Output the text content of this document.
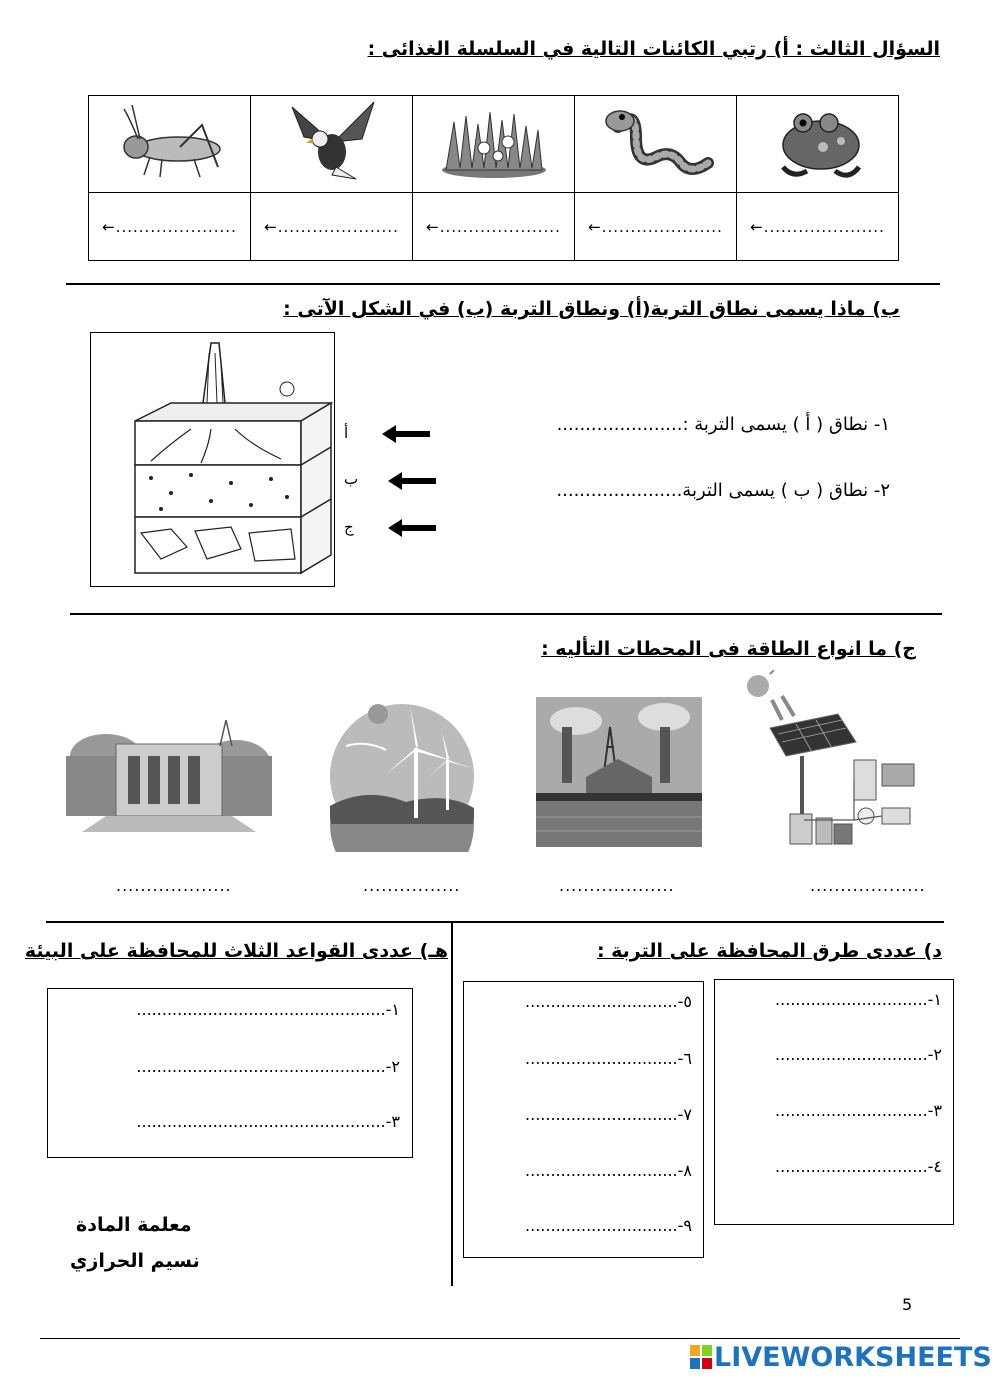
السؤال الثالث : أ) رتبي الكائنات التالية في السلسلة الغذائى :

←.....................	←.....................	←.....................	←.....................	←.....................
ب) ماذا يسمى نطاق التربة(أ) ونطاق التربة (ب) في الشكل الآتى :
أ
ب
ج
١- نطاق ( أ ) يسمى التربة :......................
٢- نطاق ( ب ) يسمى التربة......................
ج) ما انواع الطاقة فى المحطات التأليه :
...................	................	...................	...................
د) عددى طرق المحافظة على التربة :
١-..............................
٢-..............................
٣-..............................
٤-..............................
٥-..............................
٦-..............................
٧-..............................
٨-..............................
٩-..............................
هـ) عددى القواعد الثلاث للمحافظة على البيئة
١-.................................................
٢-.................................................
٣-.................................................
معلمة المادة
نسيم الحرازي
5
LIVEWORKSHEETS
